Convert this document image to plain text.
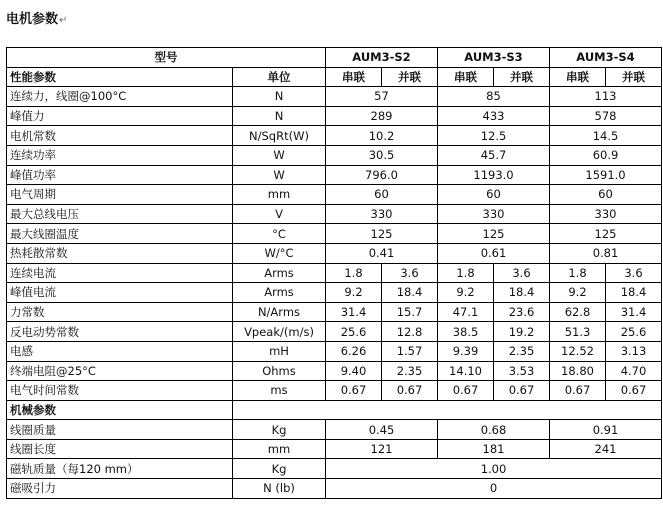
电机参数↵
型号		AUM3-S2		AUM3-S3		AUM3-S4	
性能参数	单位	串联	并联	串联	并联	串联	并联
连续力，线圈@100°C	N	57		85		113	
峰值力	N	289		433		578	
电机常数	N/SqRt(W)	10.2		12.5		14.5	
连续功率	W	30.5		45.7		60.9	
峰值功率	W	796.0		1193.0		1591.0	
电气周期	mm	60		60		60	
最大总线电压	V	330		330		330	
最大线圈温度	°C	125		125		125	
热耗散常数	W/°C	0.41		0.61		0.81	
连续电流	Arms	1.8	3.6	1.8	3.6	1.8	3.6
峰值电流	Arms	9.2	18.4	9.2	18.4	9.2	18.4
力常数	N/Arms	31.4	15.7	47.1	23.6	62.8	31.4
反电动势常数	Vpeak/(m/s)	25.6	12.8	38.5	19.2	51.3	25.6
电感	mH	6.26	1.57	9.39	2.35	12.52	3.13
终端电阻@25°C	Ohms	9.40	2.35	14.10	3.53	18.80	4.70
电气时间常数	ms	0.67	0.67	0.67	0.67	0.67	0.67
机械参数							
线圈质量	Kg	0.45		0.68		0.91	
线圈长度	mm	121		181		241	
磁轨质量（每120 mm）	Kg	1.00					
磁吸引力	N (lb)	0					
